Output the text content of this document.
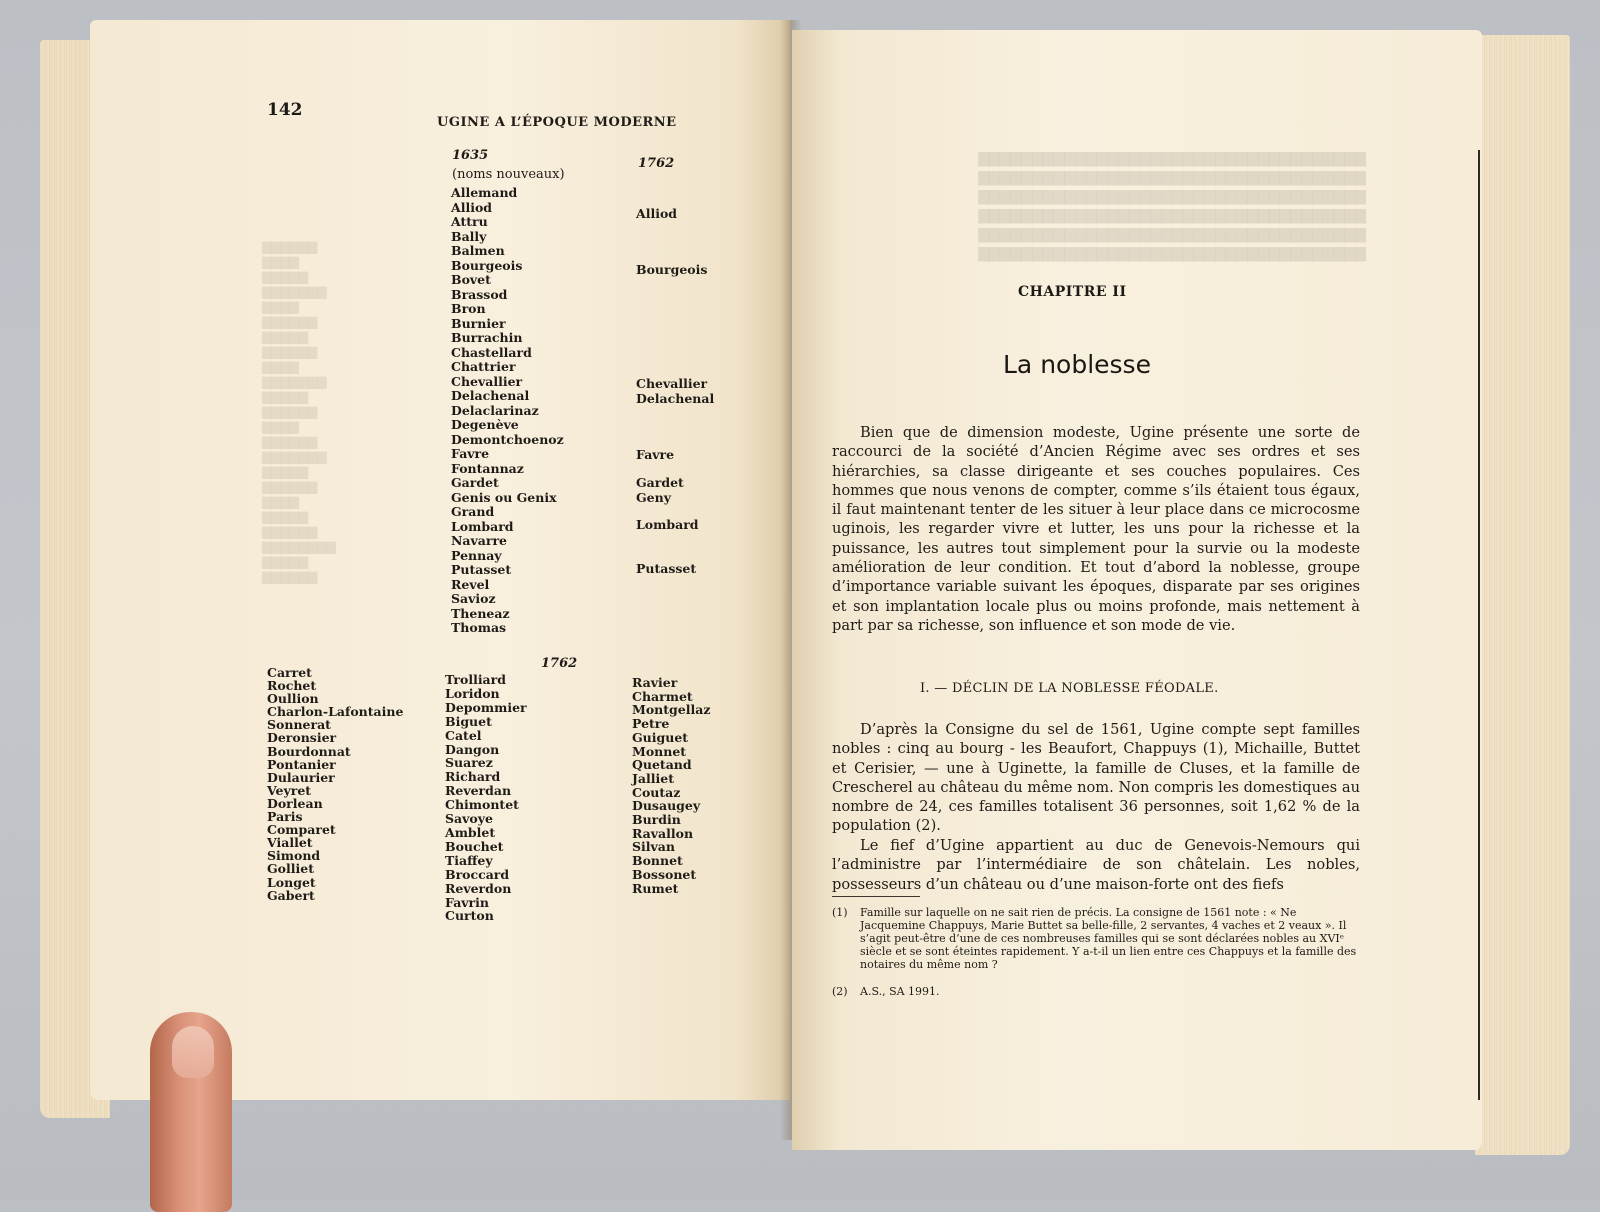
142
UGINE A L’ÉPOQUE MODERNE
1635
(noms nouveaux)
Allemand
Alliod
Attru
Bally
Balmen
Bourgeois
Bovet
Brassod
Bron
Burnier
Burrachin
Chastellard
Chattrier
Chevallier
Delachenal
Delaclarinaz
Degenève
Demontchoenoz
Favre
Fontannaz
Gardet
Genis ou Genix
Grand
Lombard
Navarre
Pennay
Putasset
Revel
Savioz
Theneaz
Thomas
1762
Alliod
Bourgeois
Chevallier
Delachenal
Favre
Gardet
Geny
Lombard
Putasset
1762
Carret
Rochet
Oullion
Charlon-Lafontaine
Sonnerat
Deronsier
Bourdonnat
Pontanier
Dulaurier
Veyret
Dorlean
Paris
Comparet
Viallet
Simond
Golliet
Longet
Gabert
Trolliard
Loridon
Depommier
Biguet
Catel
Dangon
Suarez
Richard
Reverdan
Chimontet
Savoye
Amblet
Bouchet
Tiaffey
Broccard
Reverdon
Favrin
Curton
Ravier
Charmet
Montgellaz
Petre
Guiguet
Monnet
Quetand
Jalliet
Coutaz
Dusaugey
Burdin
Ravallon
Silvan
Bonnet
Bossonet
Rumet
CHAPITRE II
La noblesse

Bien que de dimension modeste, Ugine présente une sorte de raccourci de la société d’Ancien Régime avec ses ordres et ses hiérarchies, sa classe dirigeante et ses couches populaires. Ces hommes que nous venons de compter, comme s’ils étaient tous égaux, il faut maintenant tenter de les situer à leur place dans ce microcosme uginois, les regarder vivre et lutter, les uns pour la richesse et la puissance, les autres tout simplement pour la survie ou la modeste amélioration de leur condition. Et tout d’abord la noblesse, groupe d’importance variable suivant les époques, disparate par ses origines et son implantation locale plus ou moins profonde, mais nettement à part par sa richesse, son influence et son mode de vie.

I. — DÉCLIN DE LA NOBLESSE FÉODALE.

D’après la Consigne du sel de 1561, Ugine compte sept familles nobles : cinq au bourg - les Beaufort, Chappuys (1), Michaille, Buttet et Cerisier, — une à Uginette, la famille de Cluses, et la famille de Crescherel au château du même nom. Non compris les domestiques au nombre de 24, ces familles totalisent 36 personnes, soit 1,62 % de la population (2).

Le fief d’Ugine appartient au duc de Genevois-Nemours qui l’administre par l’intermédiaire de son châtelain. Les nobles, possesseurs d’un château ou d’une maison-forte ont des fiefs

(1) Famille sur laquelle on ne sait rien de précis. La consigne de 1561 note : « Ne Jacquemine Chappuys, Marie Buttet sa belle-fille, 2 servantes, 4 vaches et 2 veaux ». Il s’agit peut-être d’une de ces nombreuses familles qui se sont déclarées nobles au XVIᵉ siècle et se sont éteintes rapidement. Y a-t-il un lien entre ces Chappuys et la famille des notaires du même nom ?

(2) A.S., SA 1991.
